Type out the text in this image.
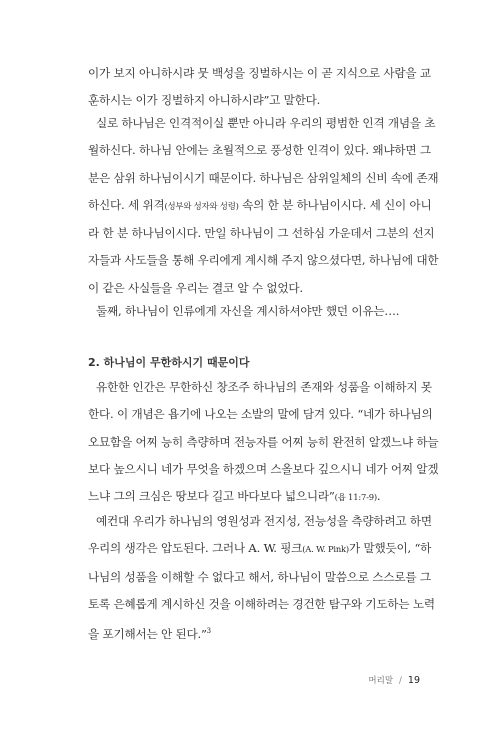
이가 보지 아니하시랴 뭇 백성을 징벌하시는 이 곧 지식으로 사람을 교
훈하시는 이가 징벌하지 아니하시랴”고 말한다.

실로 하나님은 인격적이실 뿐만 아니라 우리의 평범한 인격 개념을 초
월하신다. 하나님 안에는 초월적으로 풍성한 인격이 있다. 왜냐하면 그
분은 삼위 하나님이시기 때문이다. 하나님은 삼위일체의 신비 속에 존재
하신다. 세 위격(성부와 성자와 성령) 속의 한 분 하나님이시다. 세 신이 아니
라 한 분 하나님이시다. 만일 하나님이 그 선하심 가운데서 그분의 선지
자들과 사도들을 통해 우리에게 계시해 주지 않으셨다면, 하나님에 대한
이 같은 사실들을 우리는 결코 알 수 없었다.

둘째, 하나님이 인류에게 자신을 계시하셔야만 했던 이유는….

2. 하나님이 무한하시기 때문이다

유한한 인간은 무한하신 창조주 하나님의 존재와 성품을 이해하지 못
한다. 이 개념은 욥기에 나오는 소발의 말에 담겨 있다. “네가 하나님의
오묘함을 어찌 능히 측량하며 전능자를 어찌 능히 완전히 알겠느냐 하늘
보다 높으시니 네가 무엇을 하겠으며 스올보다 깊으시니 네가 어찌 알겠
느냐 그의 크심은 땅보다 길고 바다보다 넓으니라”(욥 11:7-9).

예컨대 우리가 하나님의 영원성과 전지성, 전능성을 측량하려고 하면
우리의 생각은 압도된다. 그러나 A. W. 핑크(A. W. Pink)가 말했듯이, “하
나님의 성품을 이해할 수 없다고 해서, 하나님이 말씀으로 스스로를 그
토록 은혜롭게 계시하신 것을 이해하려는 경건한 탐구와 기도하는 노력
을 포기해서는 안 된다.”$^3$

머리말 / 19
